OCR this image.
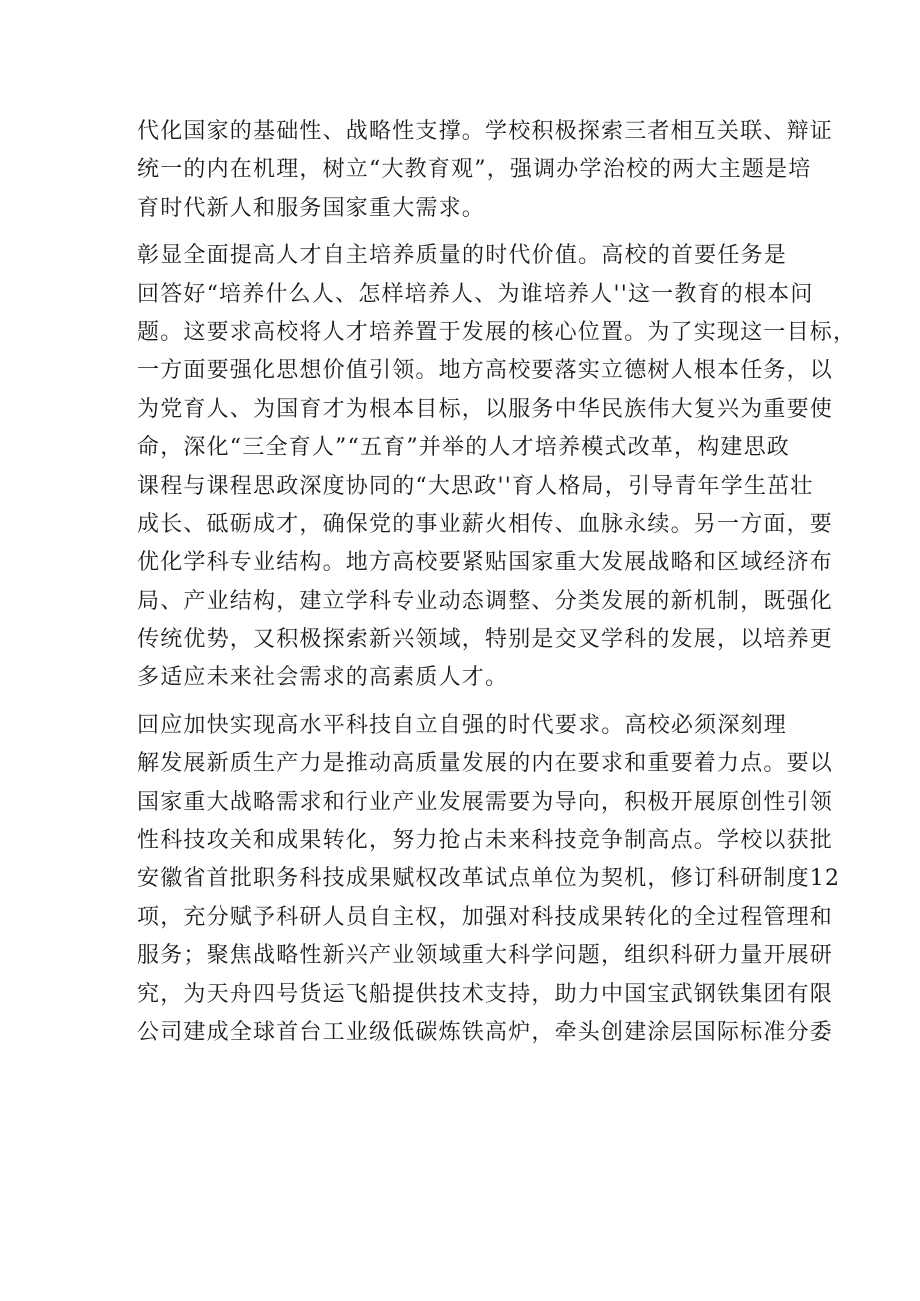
代化国家的基础性、战略性支撑。学校积极探索三者相互关联、辩证
统一的内在机理，树立“大教育观”，强调办学治校的两大主题是培
育时代新人和服务国家重大需求。
彰显全面提高人才自主培养质量的时代价值。高校的首要任务是
回答好“培养什么人、怎样培养人、为谁培养人''这一教育的根本问
题。这要求高校将人才培养置于发展的核心位置。为了实现这一目标，
一方面要强化思想价值引领。地方高校要落实立德树人根本任务，以
为党育人、为国育才为根本目标，以服务中华民族伟大复兴为重要使
命，深化“三全育人”“五育”并举的人才培养模式改革，构建思政
课程与课程思政深度协同的“大思政''育人格局，引导青年学生茁壮
成长、砥砺成才，确保党的事业薪火相传、血脉永续。另一方面，要
优化学科专业结构。地方高校要紧贴国家重大发展战略和区域经济布
局、产业结构，建立学科专业动态调整、分类发展的新机制，既强化
传统优势，又积极探索新兴领域，特别是交叉学科的发展，以培养更
多适应未来社会需求的高素质人才。
回应加快实现高水平科技自立自强的时代要求。高校必须深刻理
解发展新质生产力是推动高质量发展的内在要求和重要着力点。要以
国家重大战略需求和行业产业发展需要为导向，积极开展原创性引领
性科技攻关和成果转化，努力抢占未来科技竞争制高点。学校以获批
安徽省首批职务科技成果赋权改革试点单位为契机，修订科研制度12
项，充分赋予科研人员自主权，加强对科技成果转化的全过程管理和
服务；聚焦战略性新兴产业领域重大科学问题，组织科研力量开展研
究，为天舟四号货运飞船提供技术支持，助力中国宝武钢铁集团有限
公司建成全球首台工业级低碳炼铁高炉，牵头创建涂层国际标准分委
